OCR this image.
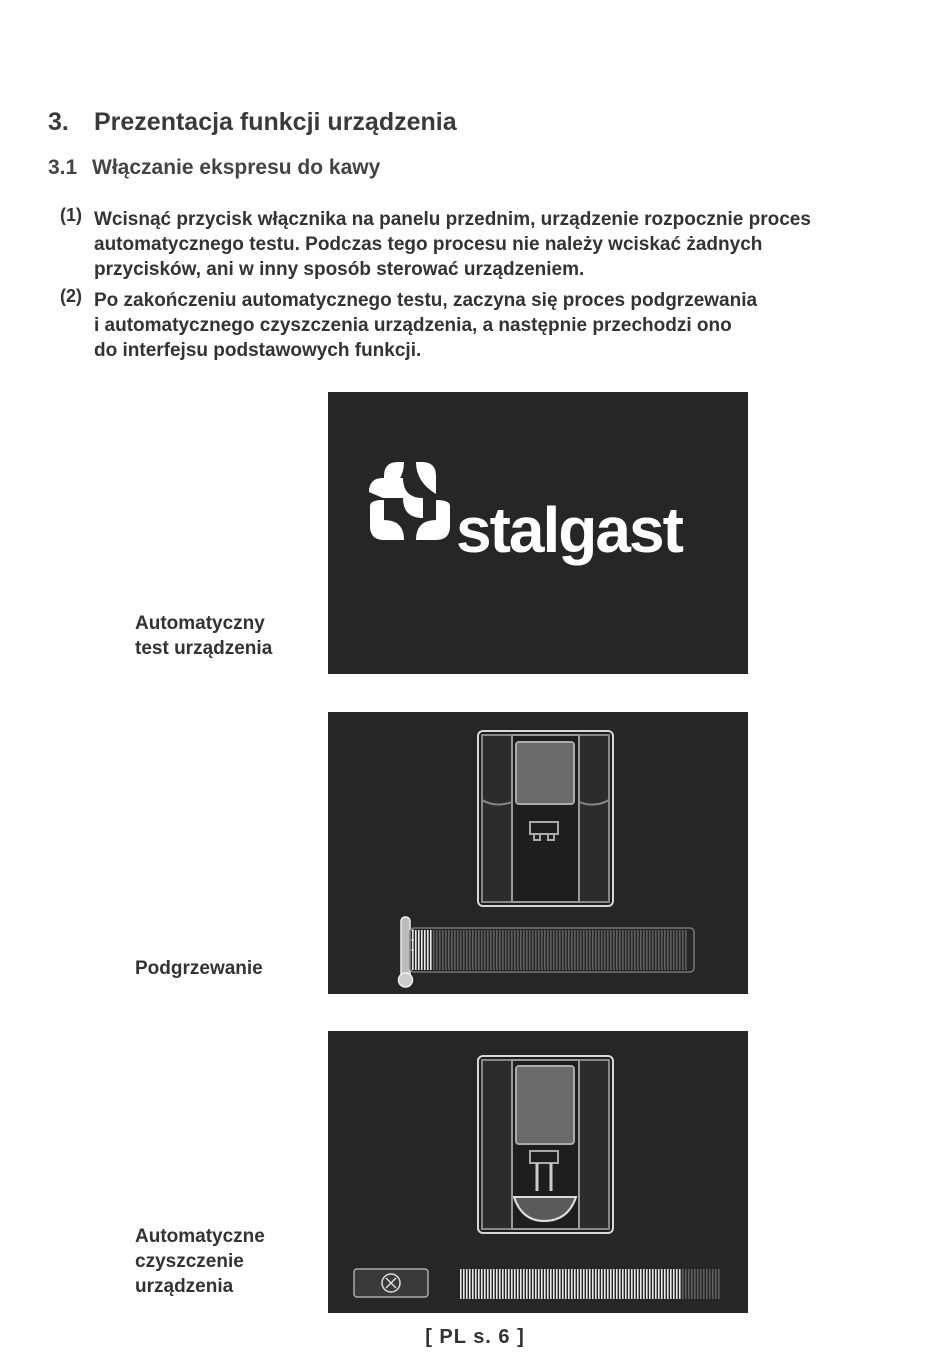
3. Prezentacja funkcji urządzenia
3.1 Włączanie ekspresu do kawy
(1) Wcisnąć przycisk włącznika na panelu przednim, urządzenie rozpocznie proces
automatycznego testu. Podczas tego procesu nie należy wciskać żadnych
przycisków, ani w inny sposób sterować urządzeniem.
(2) Po zakończeniu automatycznego testu, zaczyna się proces podgrzewania
i automatycznego czyszczenia urządzenia, a następnie przechodzi ono
do interfejsu podstawowych funkcji.
stalgast
Automatyczny
test urządzenia
Podgrzewanie
Automatyczne
czyszczenie
urządzenia
[ PL s. 6 ]
